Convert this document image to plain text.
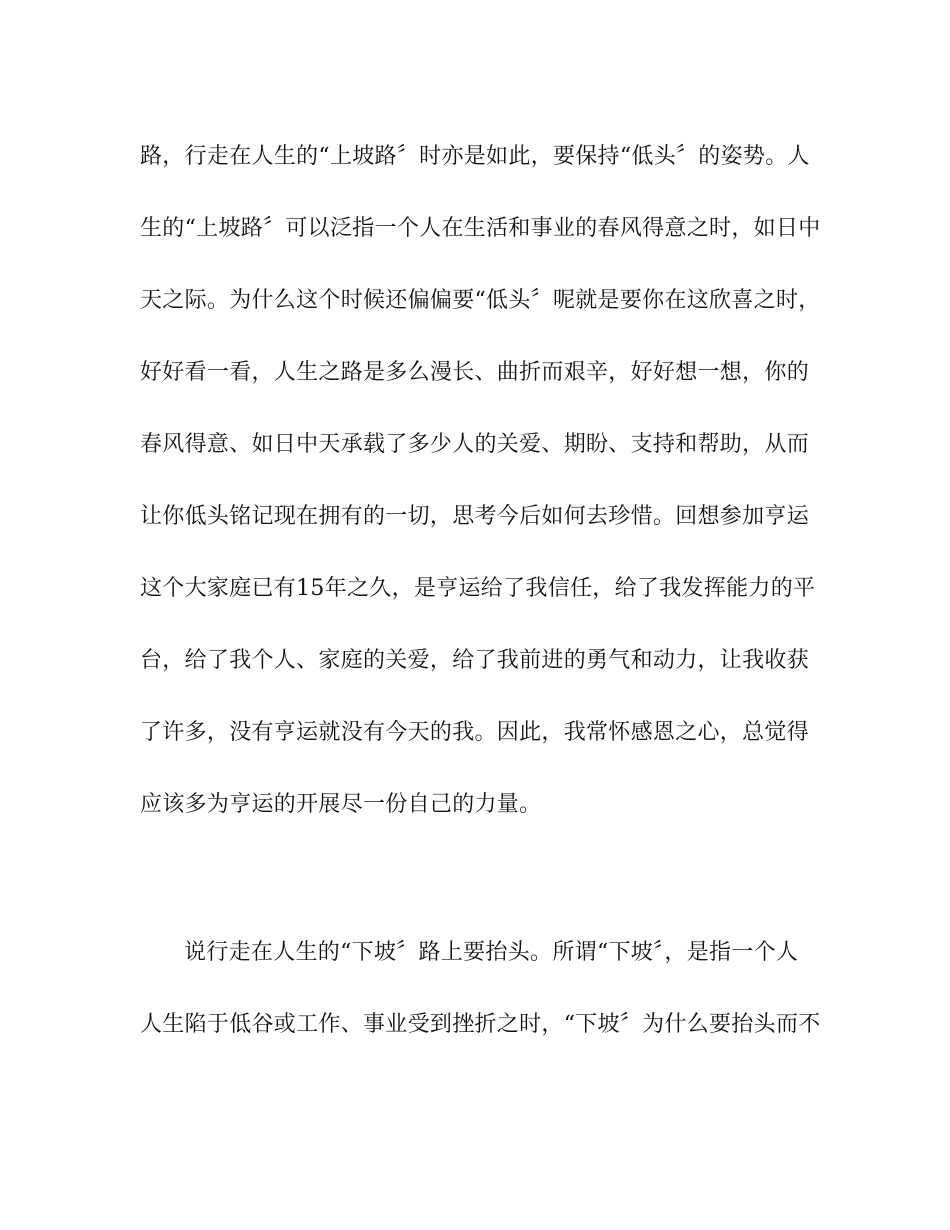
路，行走在人生的“上坡路〞时亦是如此，要保持“低头〞的姿势。人

生的“上坡路〞可以泛指一个人在生活和事业的春风得意之时，如日中

天之际。为什么这个时候还偏偏要“低头〞呢就是要你在这欣喜之时，

好好看一看，人生之路是多么漫长、曲折而艰辛，好好想一想，你的

春风得意、如日中天承载了多少人的关爱、期盼、支持和帮助，从而

让你低头铭记现在拥有的一切，思考今后如何去珍惜。回想参加亨运

这个大家庭已有15年之久，是亨运给了我信任，给了我发挥能力的平

台，给了我个人、家庭的关爱，给了我前进的勇气和动力，让我收获

了许多，没有亨运就没有今天的我。因此，我常怀感恩之心，总觉得

应该多为亨运的开展尽一份自己的力量。

说行走在人生的“下坡〞路上要抬头。所谓“下坡〞，是指一个人

人生陷于低谷或工作、事业受到挫折之时，“下坡〞为什么要抬头而不
